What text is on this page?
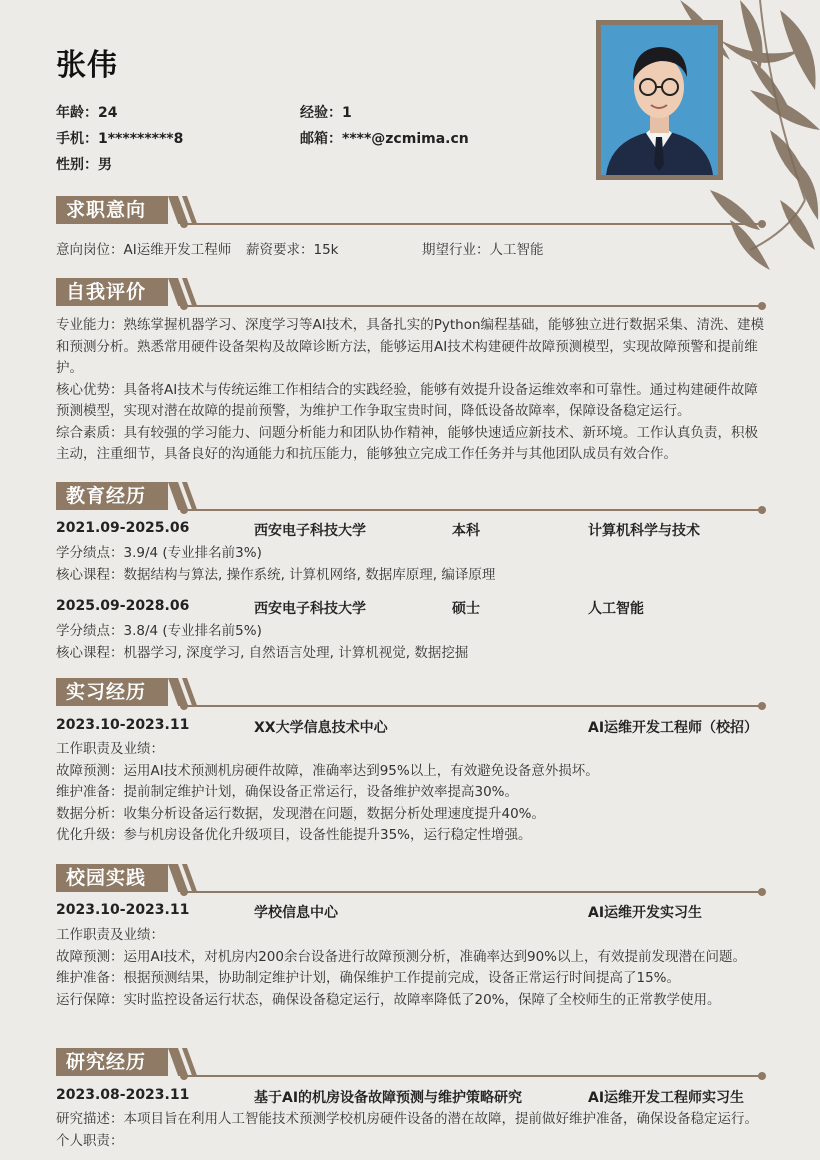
张伟
年龄：24	经验：1
手机：1*********8	邮箱：****@zcmima.cn
性别：男
求职意向
意向岗位：AI运维开发工程师 薪资要求：15k	期望行业：人工智能
自我评价

专业能力：熟练掌握机器学习、深度学习等AI技术，具备扎实的Python编程基础，能够独立进行数据采集、清洗、建模和预测分析。熟悉常用硬件设备架构及故障诊断方法，能够运用AI技术构建硬件故障预测模型，实现故障预警和提前维护。

核心优势：具备将AI技术与传统运维工作相结合的实践经验，能够有效提升设备运维效率和可靠性。通过构建硬件故障预测模型，实现对潜在故障的提前预警，为维护工作争取宝贵时间，降低设备故障率，保障设备稳定运行。

综合素质：具有较强的学习能力、问题分析能力和团队协作精神，能够快速适应新技术、新环境。工作认真负责，积极主动，注重细节，具备良好的沟通能力和抗压能力，能够独立完成工作任务并与其他团队成员有效合作。

教育经历
2021.09-2025.06	西安电子科技大学	本科	计算机科学与技术

学分绩点：3.9/4 (专业排名前3%)

核心课程：数据结构与算法, 操作系统, 计算机网络, 数据库原理, 编译原理

2025.09-2028.06	西安电子科技大学	硕士	人工智能

学分绩点：3.8/4 (专业排名前5%)

核心课程：机器学习, 深度学习, 自然语言处理, 计算机视觉, 数据挖掘

实习经历
2023.10-2023.11	XX大学信息技术中心	AI运维开发工程师（校招）

工作职责及业绩：

故障预测：运用AI技术预测机房硬件故障，准确率达到95%以上，有效避免设备意外损坏。

维护准备：提前制定维护计划，确保设备正常运行，设备维护效率提高30%。

数据分析：收集分析设备运行数据，发现潜在问题，数据分析处理速度提升40%。

优化升级：参与机房设备优化升级项目，设备性能提升35%，运行稳定性增强。

校园实践
2023.10-2023.11	学校信息中心	AI运维开发实习生

工作职责及业绩：

故障预测：运用AI技术，对机房内200余台设备进行故障预测分析，准确率达到90%以上，有效提前发现潜在问题。

维护准备：根据预测结果，协助制定维护计划，确保维护工作提前完成，设备正常运行时间提高了15%。

运行保障：实时监控设备运行状态，确保设备稳定运行，故障率降低了20%，保障了全校师生的正常教学使用。

研究经历
2023.08-2023.11	基于AI的机房设备故障预测与维护策略研究	AI运维开发工程师实习生

研究描述：本项目旨在利用人工智能技术预测学校机房硬件设备的潜在故障，提前做好维护准备，确保设备稳定运行。

个人职责：
